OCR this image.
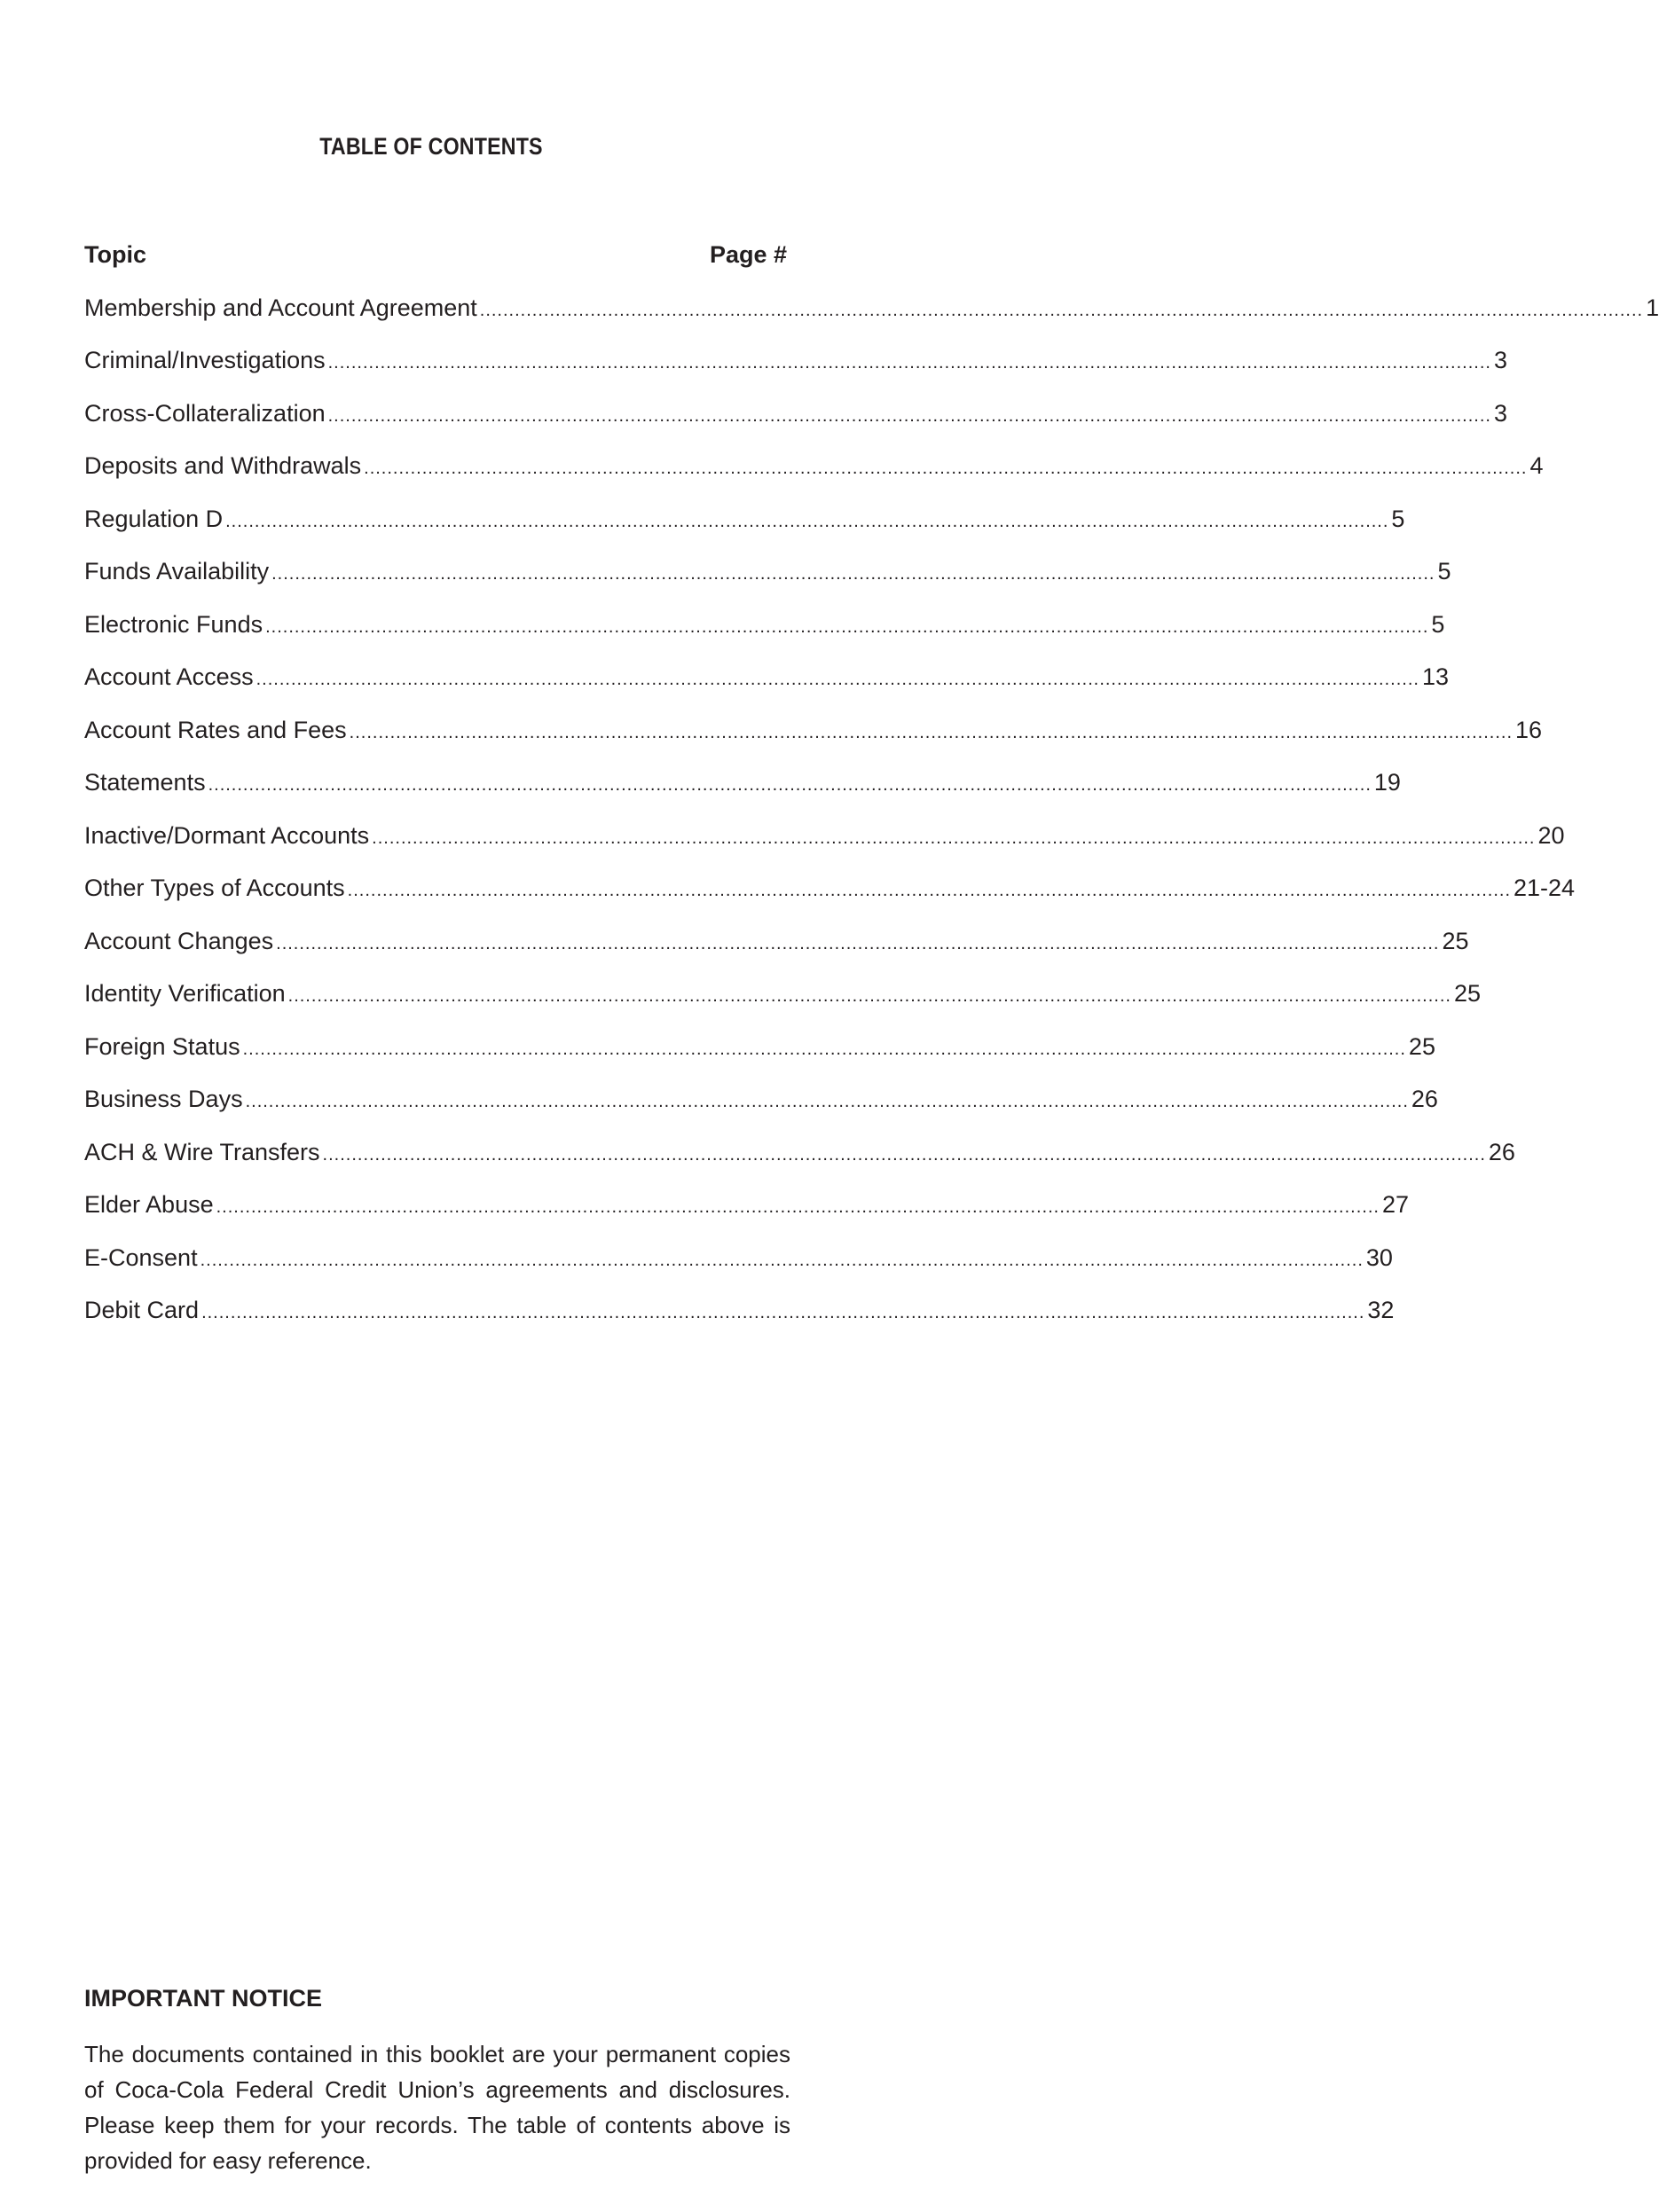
TABLE OF CONTENTS
Topic	Page #
Membership and Account Agreement ........................................................................................................................................................................................................ 1
Criminal/Investigations ........................................................................................................................................................................................................ 3
Cross-Collateralization ........................................................................................................................................................................................................ 3
Deposits and Withdrawals ........................................................................................................................................................................................................ 4
Regulation D ........................................................................................................................................................................................................ 5
Funds Availability ........................................................................................................................................................................................................ 5
Electronic Funds ........................................................................................................................................................................................................ 5
Account Access ........................................................................................................................................................................................................ 13
Account Rates and Fees ........................................................................................................................................................................................................ 16
Statements ........................................................................................................................................................................................................ 19
Inactive/Dormant Accounts ........................................................................................................................................................................................................ 20
Other Types of Accounts ........................................................................................................................................................................................................ 21-24
Account Changes ........................................................................................................................................................................................................ 25
Identity Verification ........................................................................................................................................................................................................ 25
Foreign Status ........................................................................................................................................................................................................ 25
Business Days ........................................................................................................................................................................................................ 26
ACH & Wire Transfers ........................................................................................................................................................................................................ 26
Elder Abuse ........................................................................................................................................................................................................ 27
E-Consent ........................................................................................................................................................................................................ 30
Debit Card ........................................................................................................................................................................................................ 32
IMPORTANT NOTICE
The documents contained in this booklet are your permanent copies of Coca-Cola Federal Credit Union’s agreements and disclosures. Please keep them for your records. The table of contents above is provided for easy reference.
